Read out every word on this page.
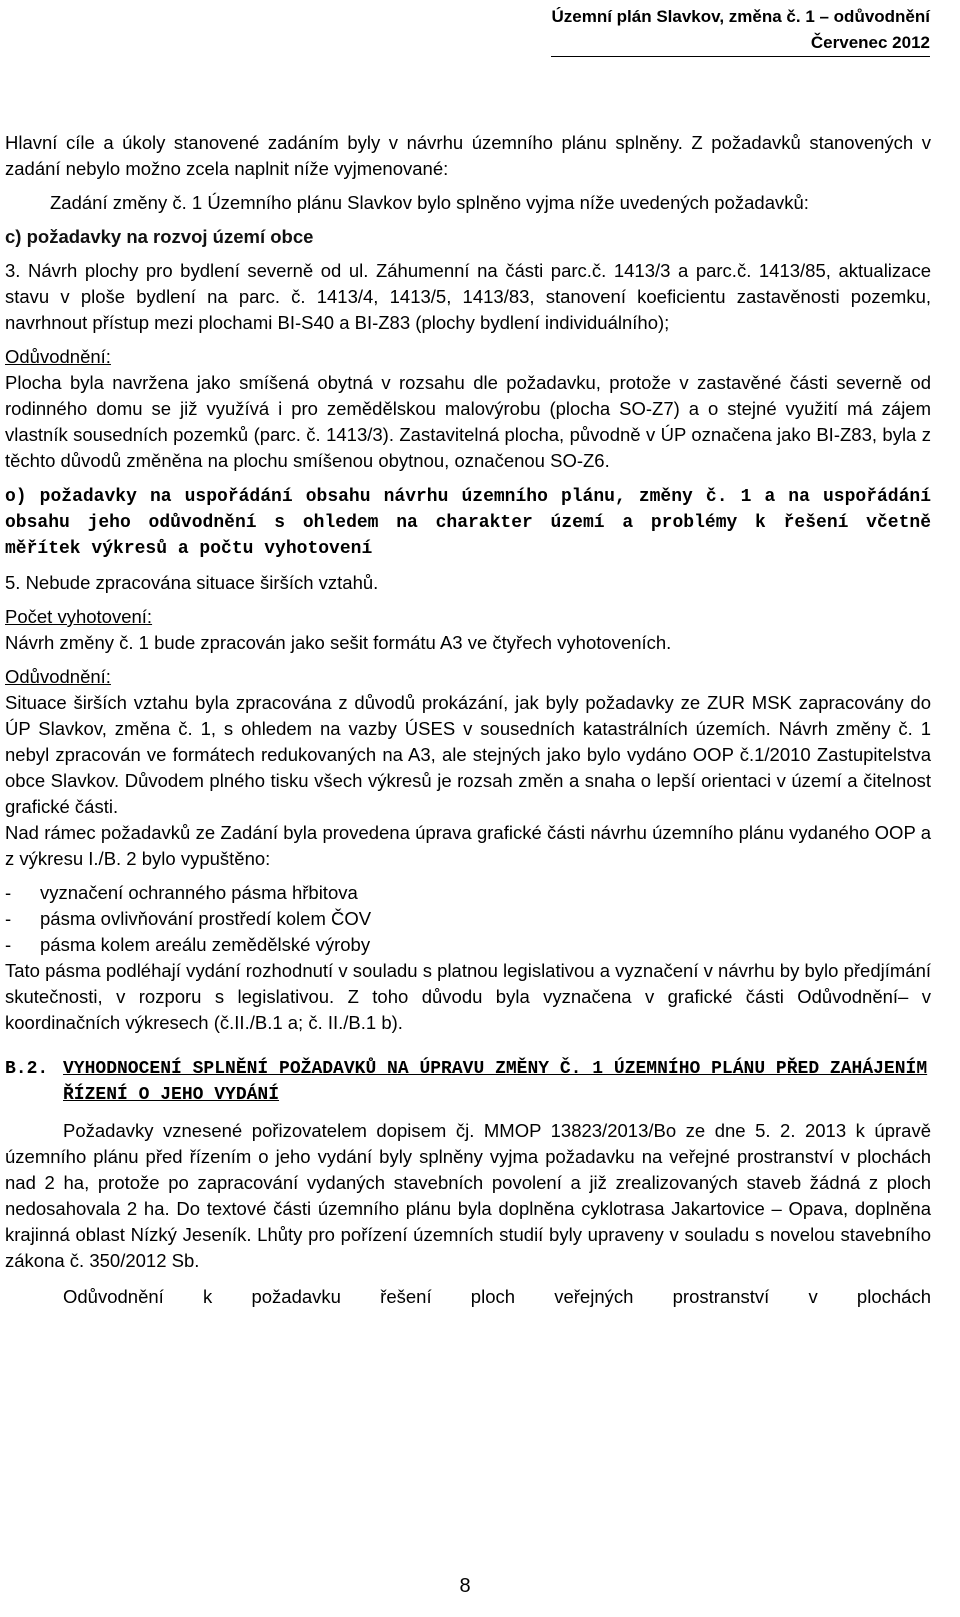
Územní plán Slavkov, změna č. 1 – odůvodnění
Červenec 2012

Hlavní cíle a úkoly stanovené zadáním byly v návrhu územního plánu splněny. Z požadavků stanovených v zadání nebylo možno zcela naplnit níže vyjmenované:

Zadání změny č. 1 Územního plánu Slavkov bylo splněno vyjma níže uvedených požadavků:

c) požadavky na rozvoj území obce

3. Návrh plochy pro bydlení severně od ul. Záhumenní na části parc.č. 1413/3 a parc.č. 1413/85, aktualizace stavu v ploše bydlení na parc. č. 1413/4, 1413/5, 1413/83, stanovení koeficientu zastavěnosti pozemku, navrhnout přístup mezi plochami BI-S40 a BI-Z83 (plochy bydlení individuálního);

Odůvodnění:

Plocha byla navržena jako smíšená obytná v rozsahu dle požadavku, protože v zastavěné části severně od rodinného domu se již využívá i pro zemědělskou malovýrobu (plocha SO-Z7) a o stejné využití má zájem vlastník sousedních pozemků (parc. č. 1413/3). Zastavitelná plocha, původně v ÚP označena jako BI-Z83, byla z těchto důvodů změněna na plochu smíšenou obytnou, označenou SO-Z6.

o) požadavky na uspořádání obsahu návrhu územního plánu, změny č. 1 a na uspořádání obsahu jeho odůvodnění s ohledem na charakter území a problémy k řešení včetně měřítek výkresů a počtu vyhotovení

5. Nebude zpracována situace širších vztahů.

Počet vyhotovení:

Návrh změny č. 1 bude zpracován jako sešit formátu A3 ve čtyřech vyhotoveních.

Odůvodnění:

Situace širších vztahu byla zpracována z důvodů prokázání, jak byly požadavky ze ZUR MSK zapracovány do ÚP Slavkov, změna č. 1, s ohledem na vazby ÚSES v sousedních katastrálních územích. Návrh změny č. 1 nebyl zpracován ve formátech redukovaných na A3, ale stejných jako bylo vydáno OOP č.1/2010 Zastupitelstva obce Slavkov. Důvodem plného tisku všech výkresů je rozsah změn a snaha o lepší orientaci v území a čitelnost grafické části.

Nad rámec požadavků ze Zadání byla provedena úprava grafické části návrhu územního plánu vydaného OOP a z výkresu I./B. 2 bylo vypuštěno:

-	vyznačení ochranného pásma hřbitova
-	pásma ovlivňování prostředí kolem ČOV
-	pásma kolem areálu zemědělské výroby

Tato pásma podléhají vydání rozhodnutí v souladu s platnou legislativou a vyznačení v návrhu by bylo předjímání skutečnosti, v rozporu s legislativou. Z toho důvodu byla vyznačena v grafické části Odůvodnění– v koordinačních výkresech (č.II./B.1 a; č. II./B.1 b).

B.2. VYHODNOCENÍ SPLNĚNÍ POŽADAVKŮ NA ÚPRAVU ZMĚNY Č. 1 ÚZEMNÍHO PLÁNU PŘED ZAHÁJENÍM ŘÍZENÍ O JEHO VYDÁNÍ

Požadavky vznesené pořizovatelem dopisem čj. MMOP 13823/2013/Bo ze dne 5. 2. 2013 k úpravě územního plánu před řízením o jeho vydání byly splněny vyjma požadavku na veřejné prostranství v plochách nad 2 ha, protože po zapracování vydaných stavebních povolení a již zrealizovaných staveb žádná z ploch nedosahovala 2 ha. Do textové části územního plánu byla doplněna cyklotrasa Jakartovice – Opava, doplněna krajinná oblast Nízký Jeseník. Lhůty pro pořízení územních studií byly upraveny v souladu s novelou stavebního zákona č. 350/2012 Sb.

Odůvodnění k požadavku řešení ploch veřejných prostranství v plochách

8
